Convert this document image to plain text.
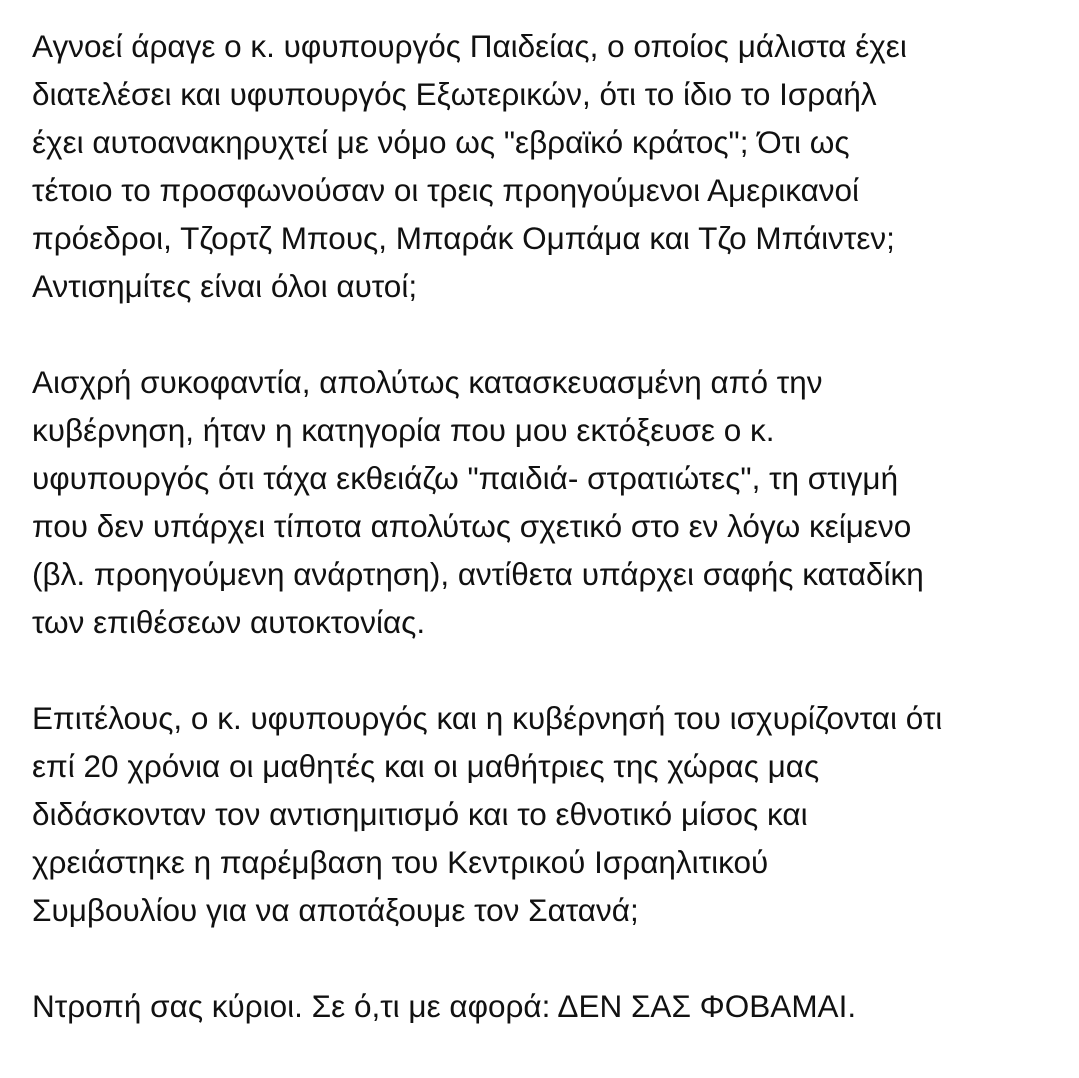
Αγνοεί άραγε ο κ. υφυπουργός Παιδείας, ο οποίος μάλιστα έχει
διατελέσει και υφυπουργός Εξωτερικών, ότι το ίδιο το Ισραήλ
έχει αυτοανακηρυχτεί με νόμο ως "εβραϊκό κράτος"; Ότι ως
τέτοιο το προσφωνούσαν οι τρεις προηγούμενοι Αμερικανοί
πρόεδροι, Τζορτζ Μπους, Μπαράκ Ομπάμα και Τζο Μπάιντεν;
Αντισημίτες είναι όλοι αυτοί;

Αισχρή συκοφαντία, απολύτως κατασκευασμένη από την
κυβέρνηση, ήταν η κατηγορία που μου εκτόξευσε ο κ.
υφυπουργός ότι τάχα εκθειάζω "παιδιά- στρατιώτες", τη στιγμή
που δεν υπάρχει τίποτα απολύτως σχετικό στο εν λόγω κείμενο
(βλ. προηγούμενη ανάρτηση), αντίθετα υπάρχει σαφής καταδίκη
των επιθέσεων αυτοκτονίας.

Επιτέλους, ο κ. υφυπουργός και η κυβέρνησή του ισχυρίζονται ότι
επί 20 χρόνια οι μαθητές και οι μαθήτριες της χώρας μας
διδάσκονταν τον αντισημιτισμό και το εθνοτικό μίσος και
χρειάστηκε η παρέμβαση του Κεντρικού Ισραηλιτικού
Συμβουλίου για να αποτάξουμε τον Σατανά;

Ντροπή σας κύριοι. Σε ό,τι με αφορά: ΔΕΝ ΣΑΣ ΦΟΒΑΜΑΙ.
